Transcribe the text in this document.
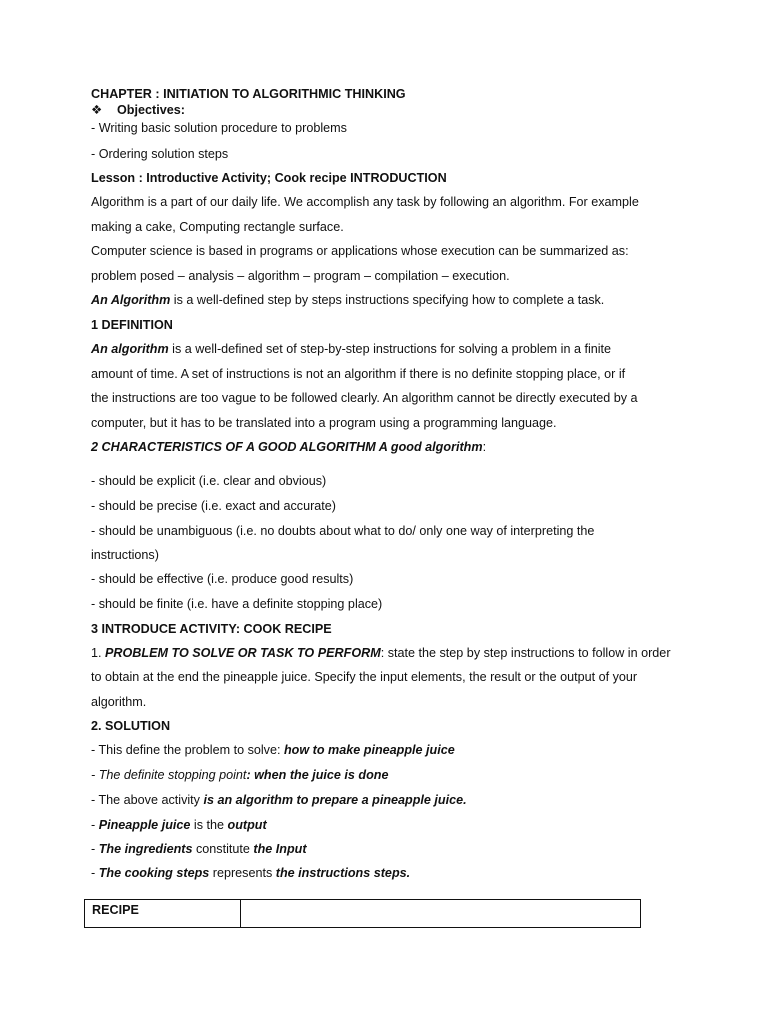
CHAPTER : INITIATION TO ALGORITHMIC THINKING
❖ Objectives:
- Writing basic solution procedure to problems
- Ordering solution steps
Lesson : Introductive Activity; Cook recipe INTRODUCTION
Algorithm is a part of our daily life. We accomplish any task by following an algorithm. For example
making a cake, Computing rectangle surface.
Computer science is based in programs or applications whose execution can be summarized as:
problem posed – analysis – algorithm – program – compilation – execution.
An Algorithm is a well-defined step by steps instructions specifying how to complete a task.
1 DEFINITION
An algorithm is a well-defined set of step-by-step instructions for solving a problem in a finite
amount of time. A set of instructions is not an algorithm if there is no definite stopping place, or if
the instructions are too vague to be followed clearly. An algorithm cannot be directly executed by a
computer, but it has to be translated into a program using a programming language.
2 CHARACTERISTICS OF A GOOD ALGORITHM A good algorithm:
- should be explicit (i.e. clear and obvious)
- should be precise (i.e. exact and accurate)
- should be unambiguous (i.e. no doubts about what to do/ only one way of interpreting the
instructions)
- should be effective (i.e. produce good results)
- should be finite (i.e. have a definite stopping place)
3 INTRODUCE ACTIVITY: COOK RECIPE
1. PROBLEM TO SOLVE OR TASK TO PERFORM: state the step by step instructions to follow in order
to obtain at the end the pineapple juice. Specify the input elements, the result or the output of your
algorithm.
2. SOLUTION
- This define the problem to solve: how to make pineapple juice
- The definite stopping point: when the juice is done
- The above activity is an algorithm to prepare a pineapple juice.
- Pineapple juice is the output
- The ingredients constitute the Input
- The cooking steps represents the instructions steps.
RECIPE	
